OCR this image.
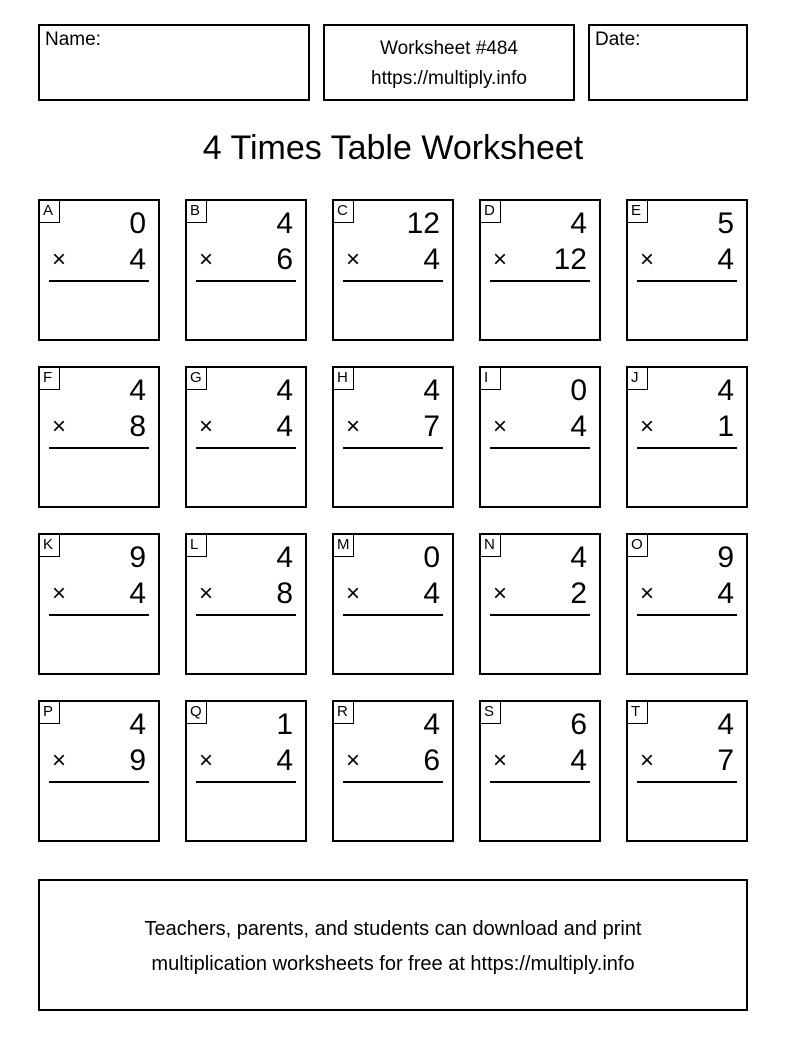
Name:	Worksheet #484
https://multiply.info
Date:
4 Times Table Worksheet
A	0
× 4
B	4
× 6
C 12
× 4
D	4
× 12
E	5
× 4
F	4
× 8
G 4
× 4
H	4
× 7
I	0
× 4
J	4
× 1
K	9
× 4
L	4
× 8
M 0
× 4
N	4
× 2
O 9
× 4
P	4
× 9
Q 1
× 4
R	4
× 6
S	6
× 4
T	4
× 7
Teachers, parents, and students can download and print
multiplication worksheets for free at https://multiply.info
